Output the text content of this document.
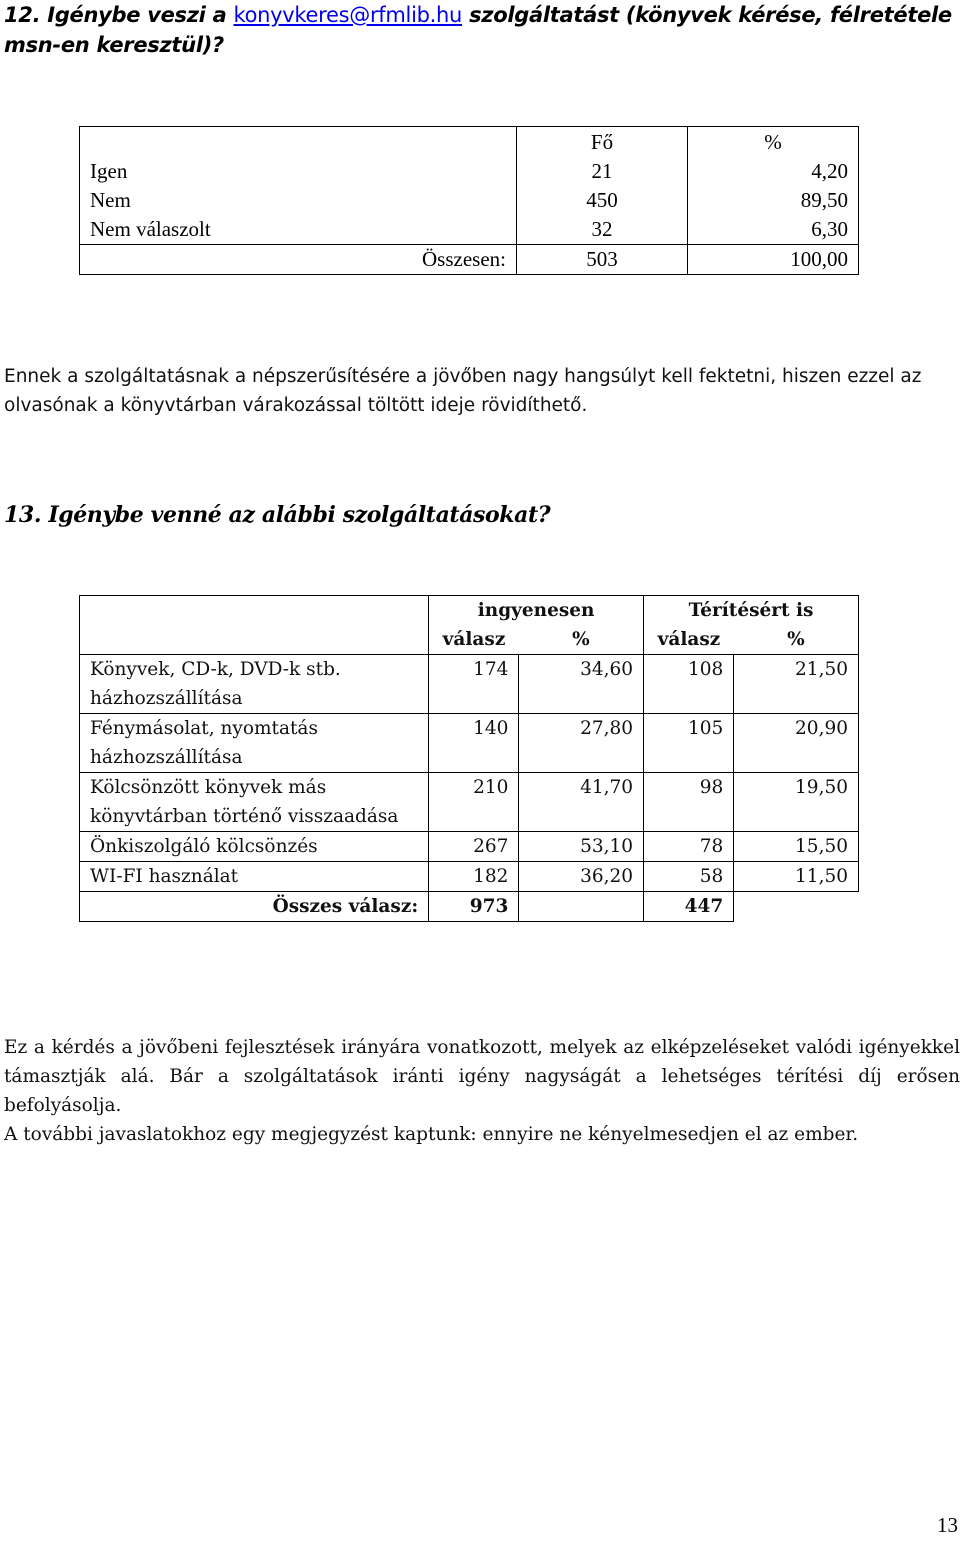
12. Igénybe veszi a konyvkeres@rfmlib.hu szolgáltatást (könyvek kérése, félretétele msn-en keresztül)?
	Fő	%
Igen	21	4,20
Nem	450	89,50
Nem válaszolt	32	6,30
Összesen:	503	100,00
Ennek a szolgáltatásnak a népszerűsítésére a jövőben nagy hangsúlyt kell fektetni, hiszen ezzel az olvasónak a könyvtárban várakozással töltött ideje rövidíthető.
13. Igénybe venné az alábbi szolgáltatásokat?
	ingyenesen		Térítésért is	
	válasz	%	válasz	%
Könyvek, CD-k, DVD-k stb. házhozszállítása	174	34,60	108	21,50
Fénymásolat, nyomtatás házhozszállítása	140	27,80	105	20,90
Kölcsönzött könyvek más könyvtárban történő visszaadása	210	41,70	98	19,50
Önkiszolgáló kölcsönzés	267	53,10	78	15,50
WI-FI használat	182	36,20	58	11,50
Összes válasz:	973		447	
Ez a kérdés a jövőbeni fejlesztések irányára vonatkozott, melyek az elképzeléseket valódi igényekkel támasztják alá. Bár a szolgáltatások iránti igény nagyságát a lehetséges térítési díj erősen befolyásolja.
A további javaslatokhoz egy megjegyzést kaptunk: ennyire ne kényelmesedjen el az ember.
13
